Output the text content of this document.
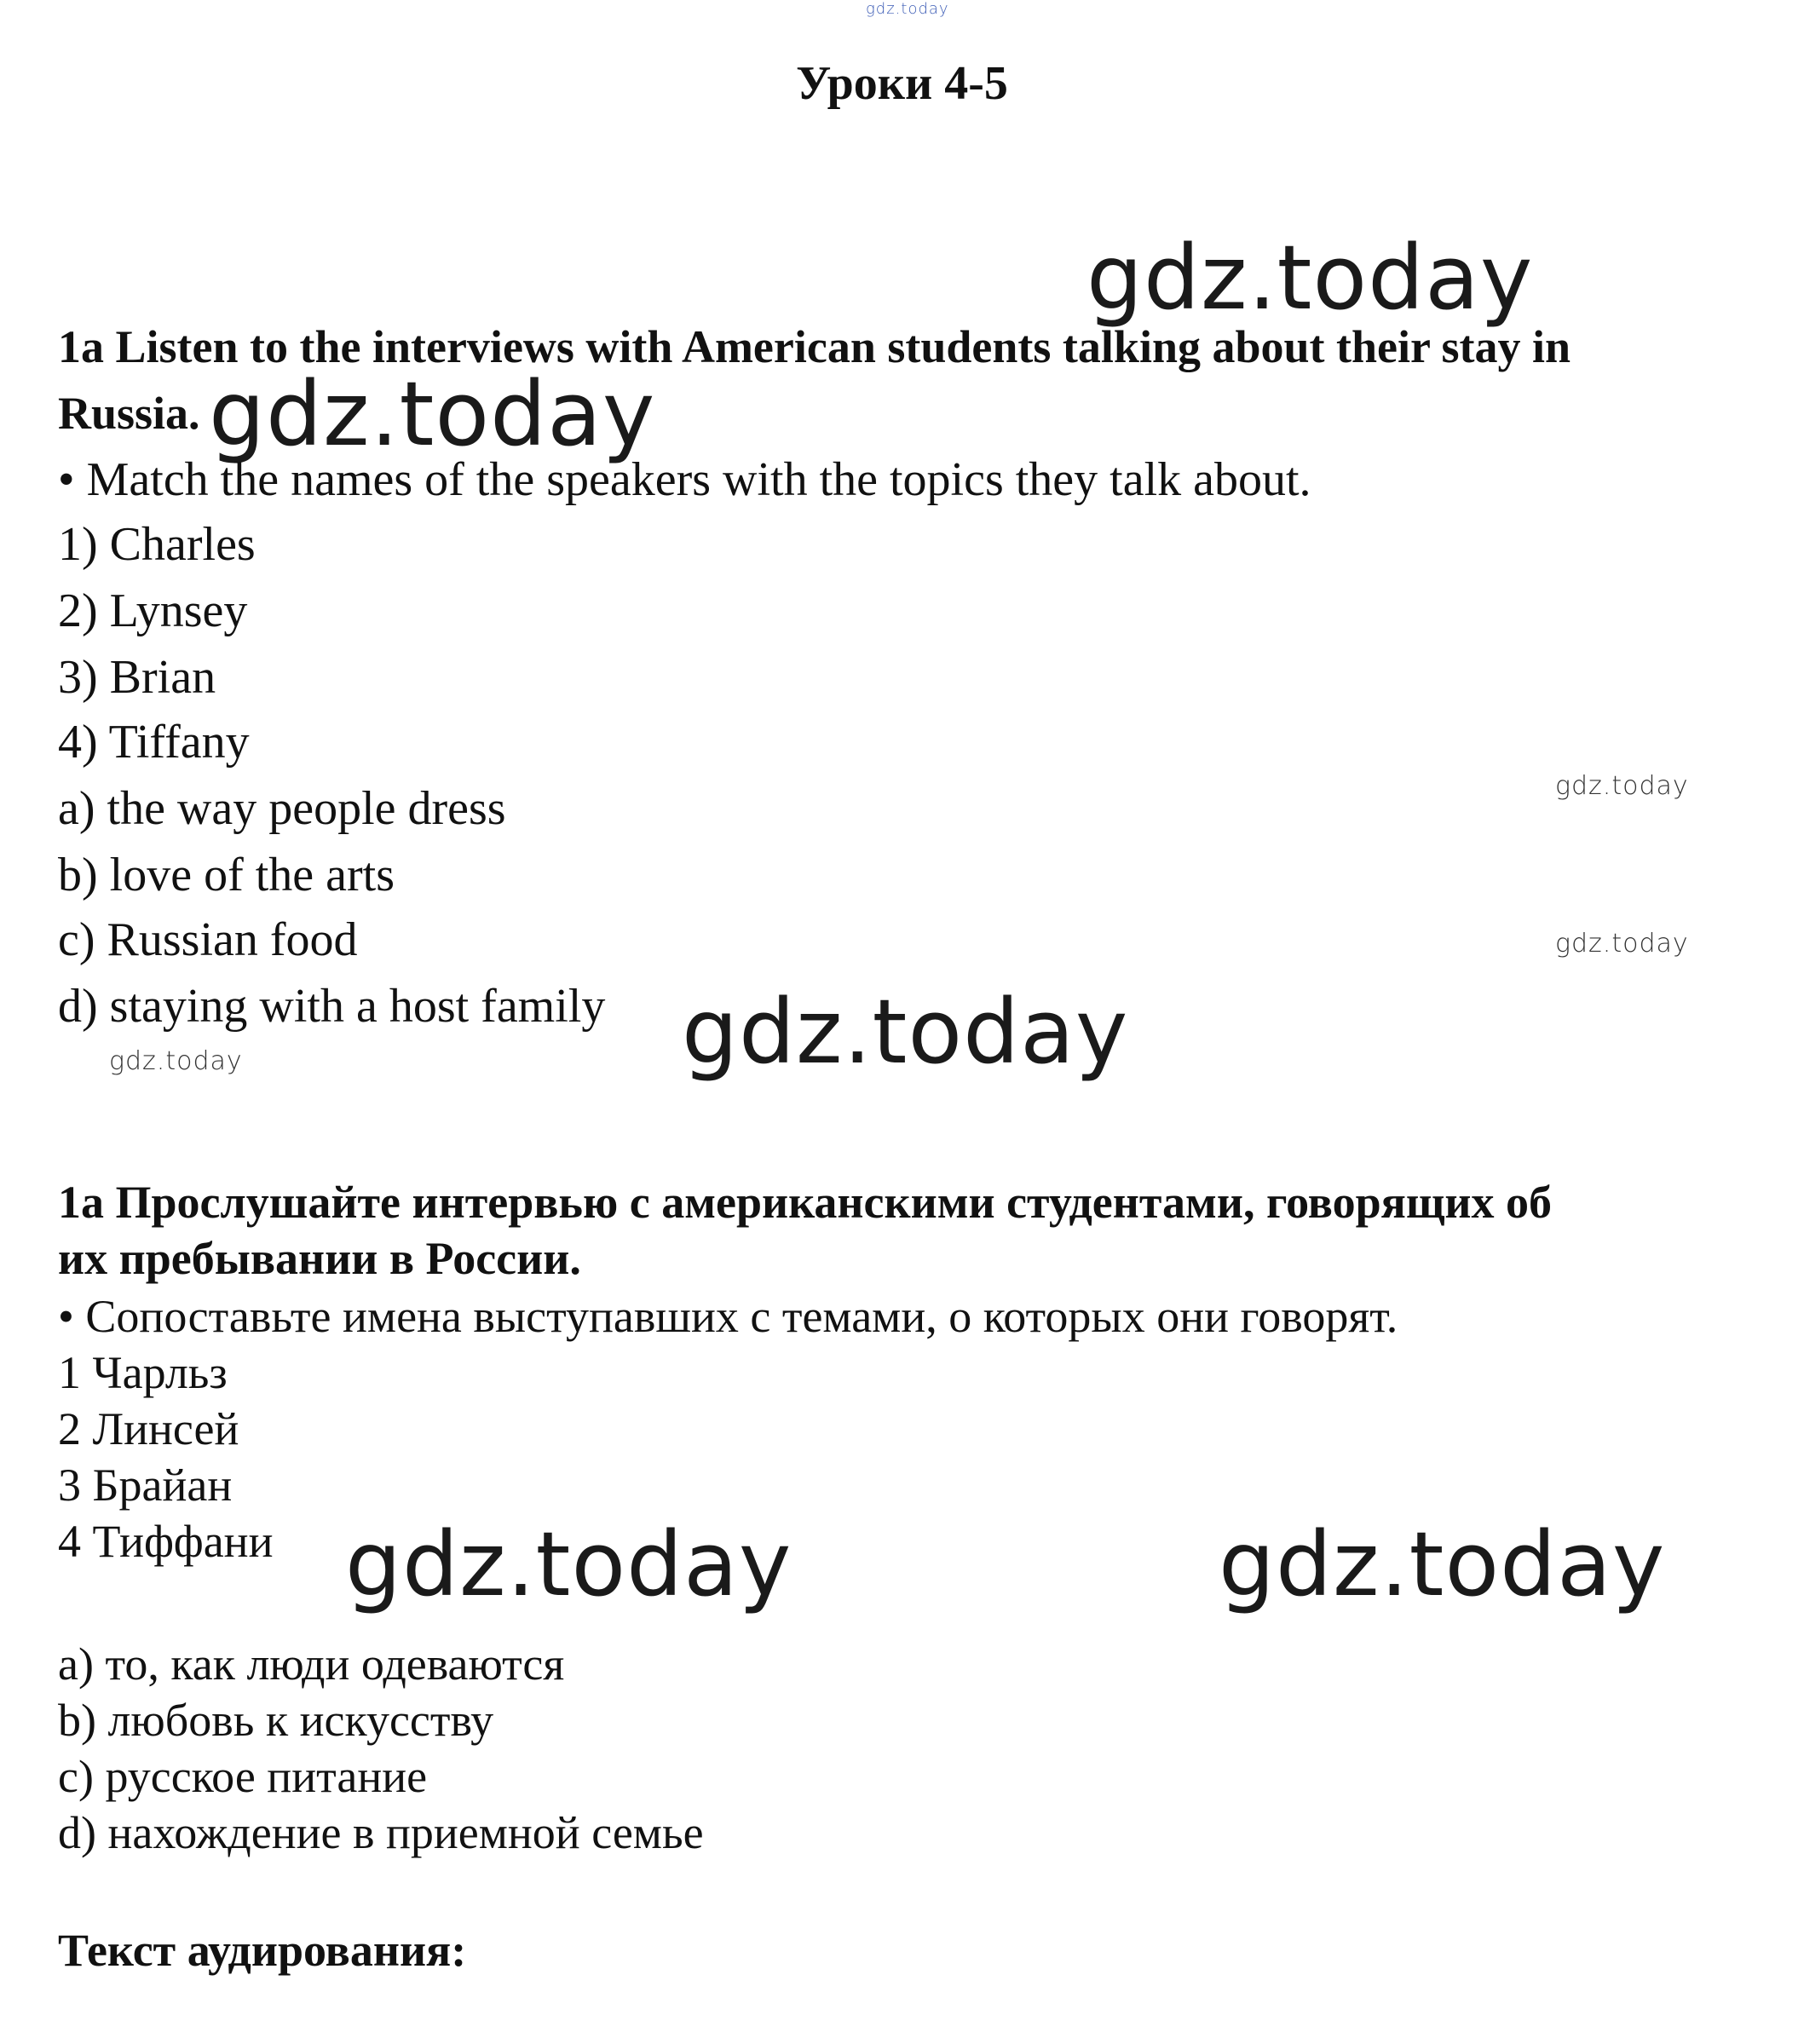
gdz.today
gdz.today
gdz.today
gdz.today
gdz.today
gdz.today
gdz.today
gdz.today	gdz.today
Уроки 4-5
1a Listen to the interviews with American students talking about their stay in
Russia.
• Match the names of the speakers with the topics they talk about.
1) Charles
2) Lynsey
3) Brian
4) Tiffany
a) the way people dress
b) love of the arts
c) Russian food
d) staying with a host family
1a Прослушайте интервью с американскими студентами, говорящих об
их пребывании в России.
• Сопоставьте имена выступавших с темами, о которых они говорят.
1 Чарльз
2 Линсей
3 Брайан
4 Тиффани
a) то, как люди одеваются
b) любовь к искусству
c) русское питание
d) нахождение в приемной семье
Текст аудирования:
